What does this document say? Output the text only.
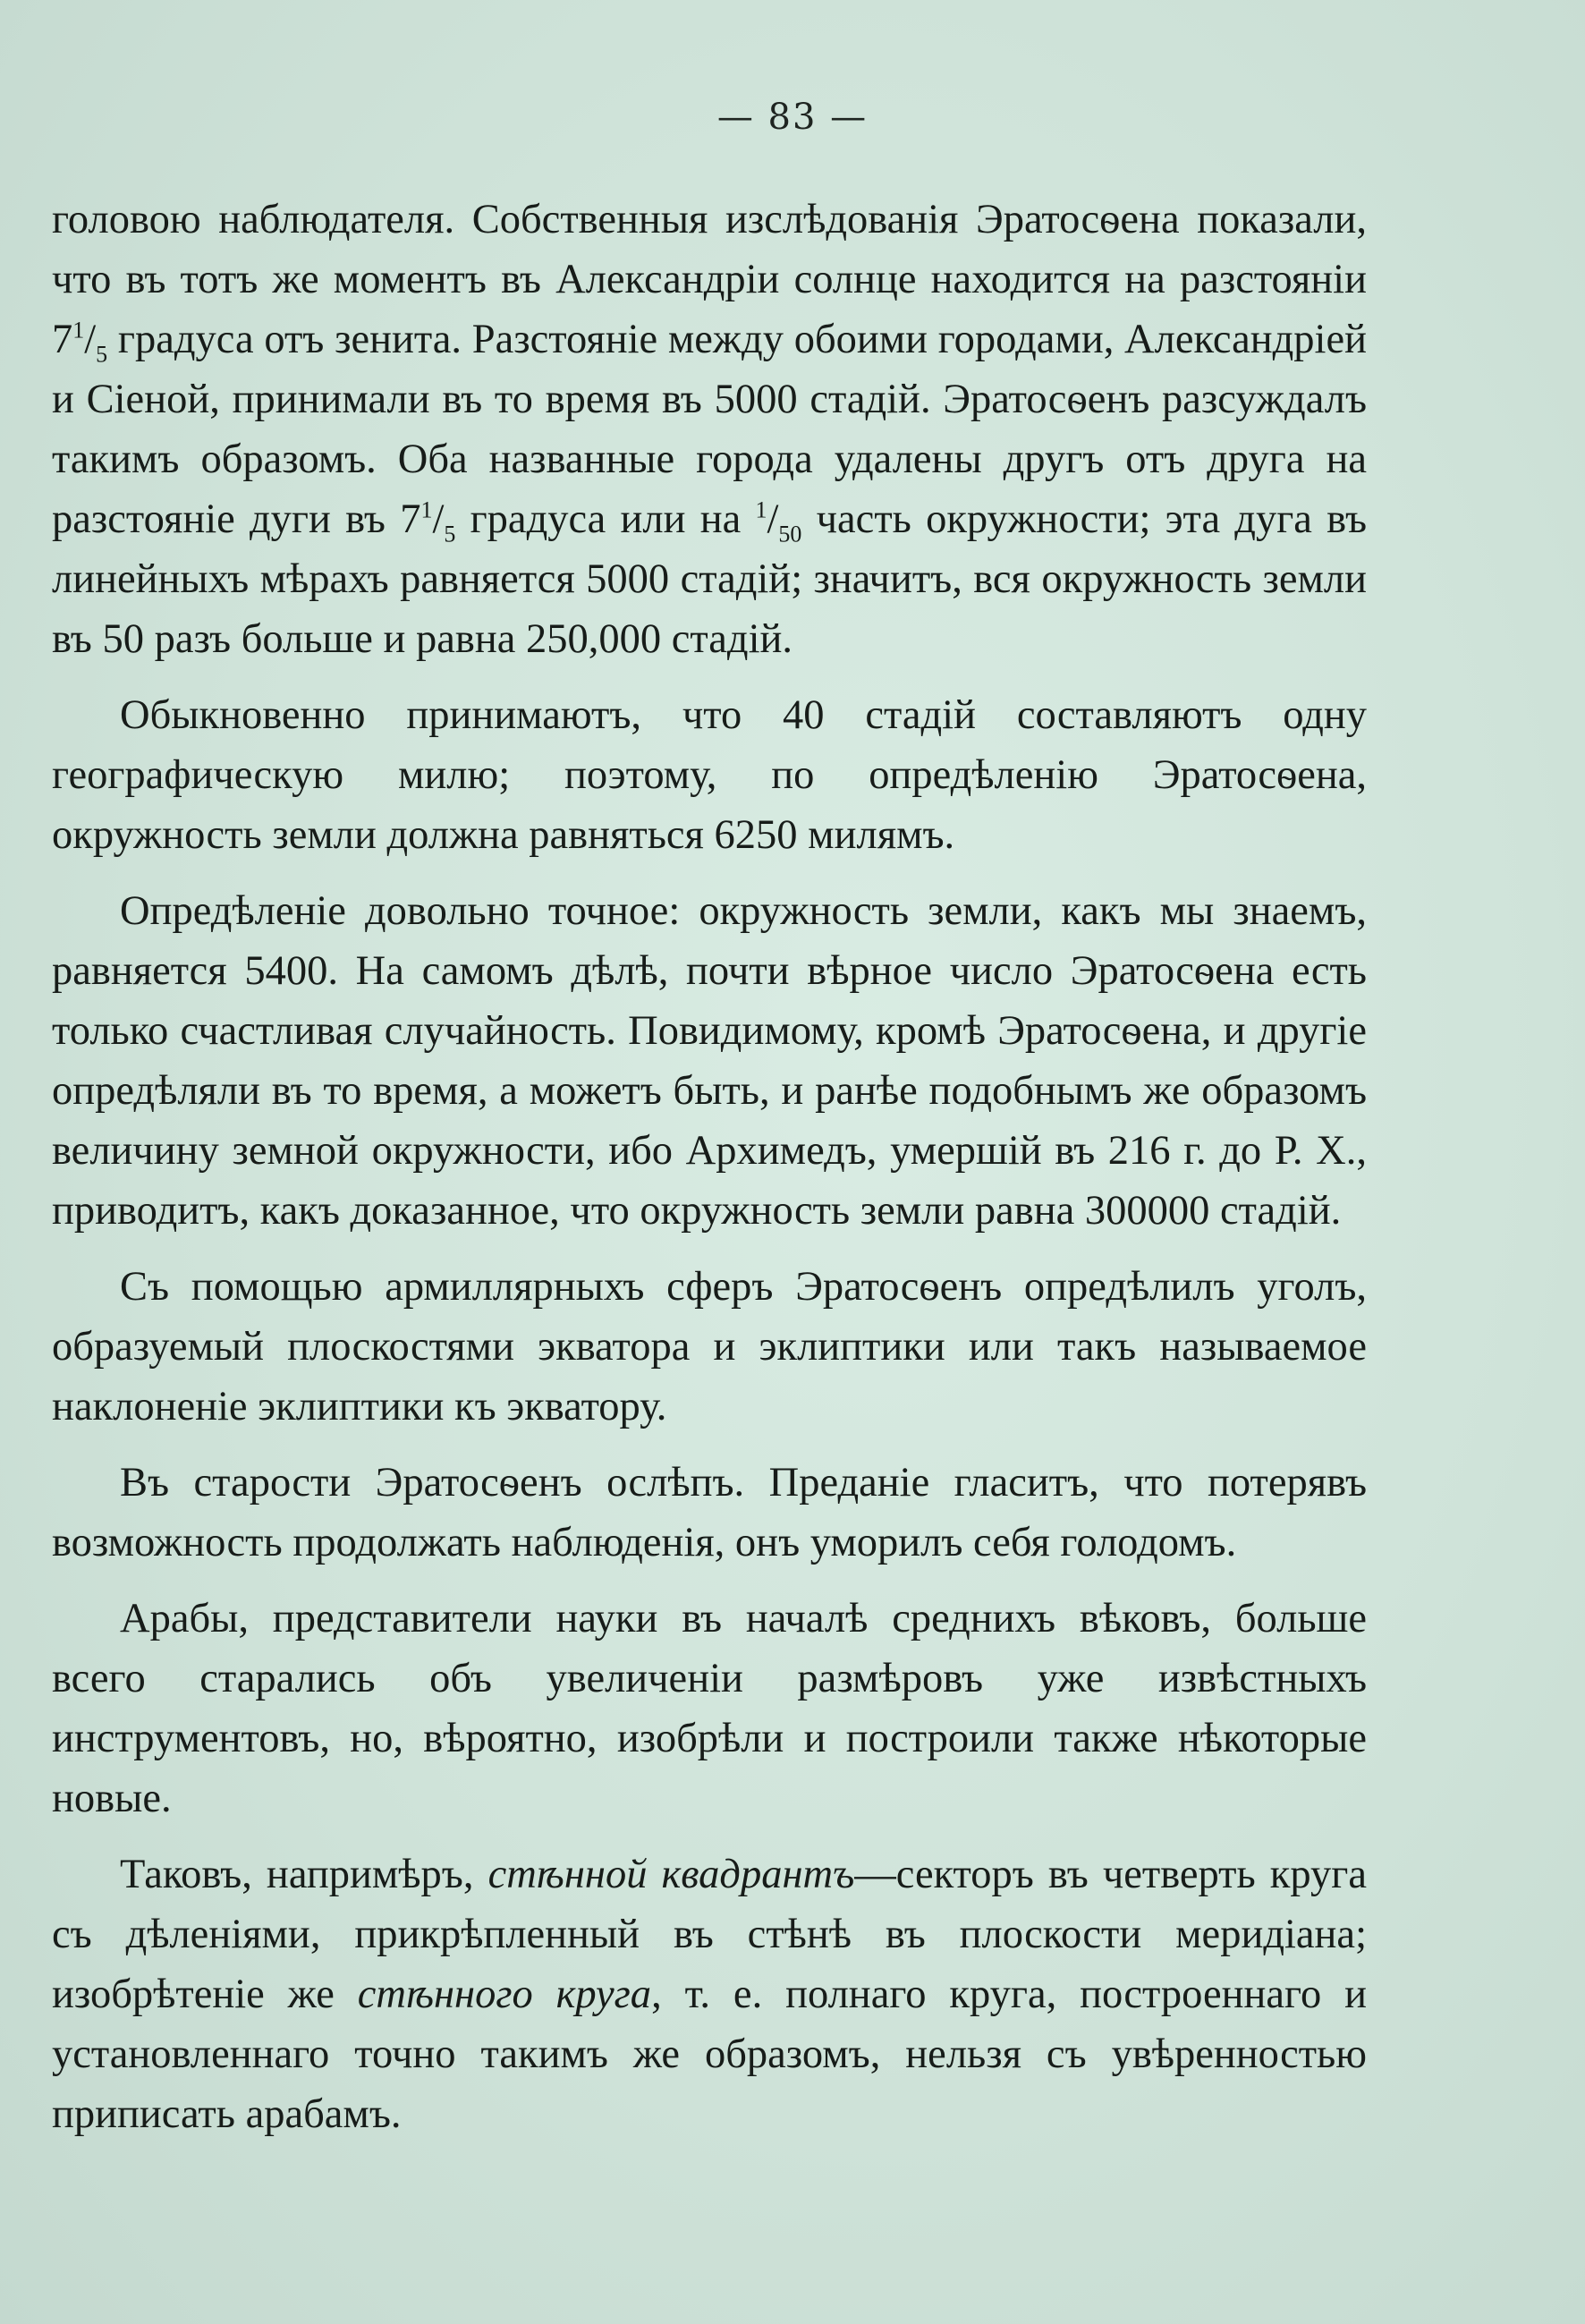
— 83 —

головою наблюдателя. Собственныя изслѣдованія Эратосѳена показали, что въ тотъ же моментъ въ Александріи солнце находится на разстояніи $7^1/_5$ градуса отъ зенита. Разстояніе между обоими городами, Александріей и Сіеной, принимали въ то время въ 5000 стадій. Эратосѳенъ разсуждалъ такимъ образомъ. Оба названные города удалены другъ отъ друга на разстояніе дуги въ $7^1/_5$ градуса или на $^1/_{50}$ часть окружности; эта дуга въ линейныхъ мѣрахъ равняется 5000 стадій; значитъ, вся окружность земли въ 50 разъ больше и равна 250,000 стадій.

Обыкновенно принимаютъ, что 40 стадій составляютъ одну географическую милю; поэтому, по опредѣленію Эратосѳена, окружность земли должна равняться 6250 милямъ.

Опредѣленіе довольно точное: окружность земли, какъ мы знаемъ, равняется 5400. На самомъ дѣлѣ, почти вѣрное число Эратосѳена есть только счастливая случайность. Повидимому, кромѣ Эратосѳена, и другіе опредѣляли въ то время, а можетъ быть, и ранѣе подобнымъ же образомъ величину земной окружности, ибо Архимедъ, умершій въ 216 г. до Р. Х., приводитъ, какъ доказанное, что окружность земли равна 300000 стадій.

Съ помощью армиллярныхъ сферъ Эратосѳенъ опредѣлилъ уголъ, образуемый плоскостями экватора и эклиптики или такъ называемое наклоненіе эклиптики къ экватору.

Въ старости Эратосѳенъ ослѣпъ. Преданіе гласитъ, что потерявъ возможность продолжать наблюденія, онъ уморилъ себя голодомъ.

Арабы, представители науки въ началѣ среднихъ вѣковъ, больше всего старались объ увеличеніи размѣровъ уже извѣстныхъ инструментовъ, но, вѣроятно, изобрѣли и построили также нѣкоторые новые.

Таковъ, напримѣръ, стѣнной квадрантъ—секторъ въ четверть круга съ дѣленіями, прикрѣпленный въ стѣнѣ въ плоскости меридіана; изобрѣтеніе же стѣнного круга, т. е. полнаго круга, построеннаго и установленнаго точно такимъ же образомъ, нельзя съ увѣренностью приписать арабамъ.
